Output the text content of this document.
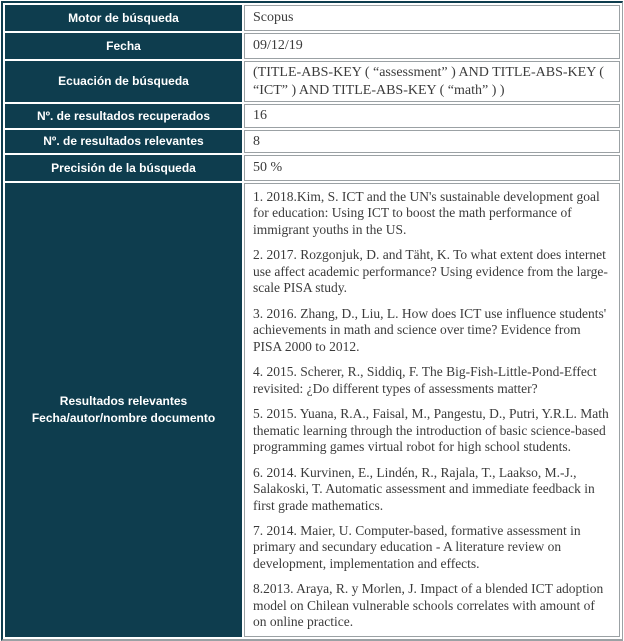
Motor de búsqueda	Scopus
Fecha	09/12/19
Ecuación de búsqueda	(TITLE-ABS-KEY ( “assessment” ) AND TITLE-ABS-KEY ( “ICT” ) AND TITLE-ABS-KEY ( “math” ) )
Nº. de resultados recuperados	16
Nº. de resultados relevantes	8
Precisión de la búsqueda	50 %

Resultados relevantes
Fecha/autor/nombre documento

1. 2018.Kim, S. ICT and the UN's sustainable development goal for education: Using ICT to boost the math performance of immigrant youths in the US.

2. 2017. Rozgonjuk, D. and Täht, K. To what extent does internet use affect academic performance? Using evidence from the large-scale PISA study.

3. 2016. Zhang, D., Liu, L. How does ICT use influence students' achievements in math and science over time? Evidence from PISA 2000 to 2012.

4. 2015. Scherer, R., Siddiq, F. The Big-Fish-Little-Pond-Effect revisited: ¿Do different types of assessments matter?

5. 2015. Yuana, R.A., Faisal, M., Pangestu, D., Putri, Y.R.L. Math thematic learning through the introduction of basic science-based programming games virtual robot for high school students.

6. 2014. Kurvinen, E., Lindén, R., Rajala, T., Laakso, M.-J., Salakoski, T. Automatic assessment and immediate feedback in first grade mathematics.

7. 2014. Maier, U. Computer-based, formative assessment in primary and secundary education - A literature review on development, implementation and effects.

8.2013. Araya, R. y Morlen, J. Impact of a blended ICT adoption model on Chilean vulnerable schools correlates with amount of on online practice.
